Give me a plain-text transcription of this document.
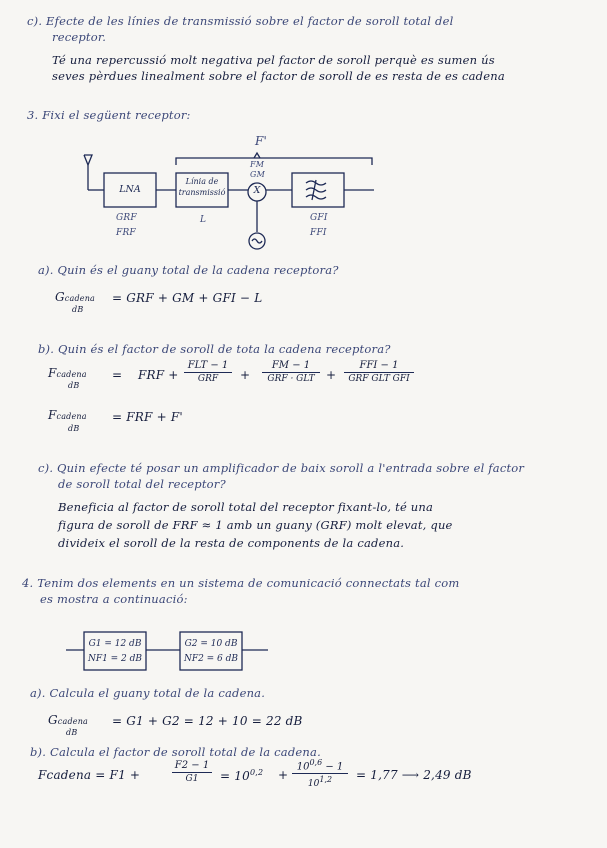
c). Efecte de les línies de transmissió sobre el factor de soroll total del
receptor.
Té una repercussió molt negativa pel factor de soroll perquè es sumen ús
seves pèrdues linealment sobre el factor de soroll de es resta de es cadena
3. Fixi el següent receptor:
F'
FM
GM
LNA
Línia de
transmissió	X
GRF
FRF
L	GFI
FFI
a). Quin és el guany total de la cadena receptora?
Gcadena
dB
= GRF + GM + GFI − L
b). Quin és el factor de soroll de tota la cadena receptora?
Fcadena
dB
= FRF +
FLT − 1
GRF	+
FM − 1
GRF · GLT +
FFI − 1
GRF GLT GFI
Fcadena
dB
= FRF + F'
c). Quin efecte té posar un amplificador de baix soroll a l'entrada sobre el factor
de soroll total del receptor?
Beneficia al factor de soroll total del receptor fixant-lo, té una
figura de soroll de FRF ≈ 1 amb un guany (GRF) molt elevat, que
divideix el soroll de la resta de components de la cadena.
4. Tenim dos elements en un sistema de comunicació connectats tal com
es mostra a continuació:
G1 = 12 dB
NF1 = 2 dB
G2 = 10 dB
NF2 = 6 dB
a). Calcula el guany total de la cadena.
Gcadena
dB
= G1 + G2 = 12 + 10 = 22 dB
b). Calcula el factor de soroll total de la cadena.
Fcadena = F1 +	$\frac{F2 - 1}{G1} = 10^{0,2} + \frac{10^{0,6} - 1}{10^{1,2}} = 1,77$ ⟶ 2,49 dB
